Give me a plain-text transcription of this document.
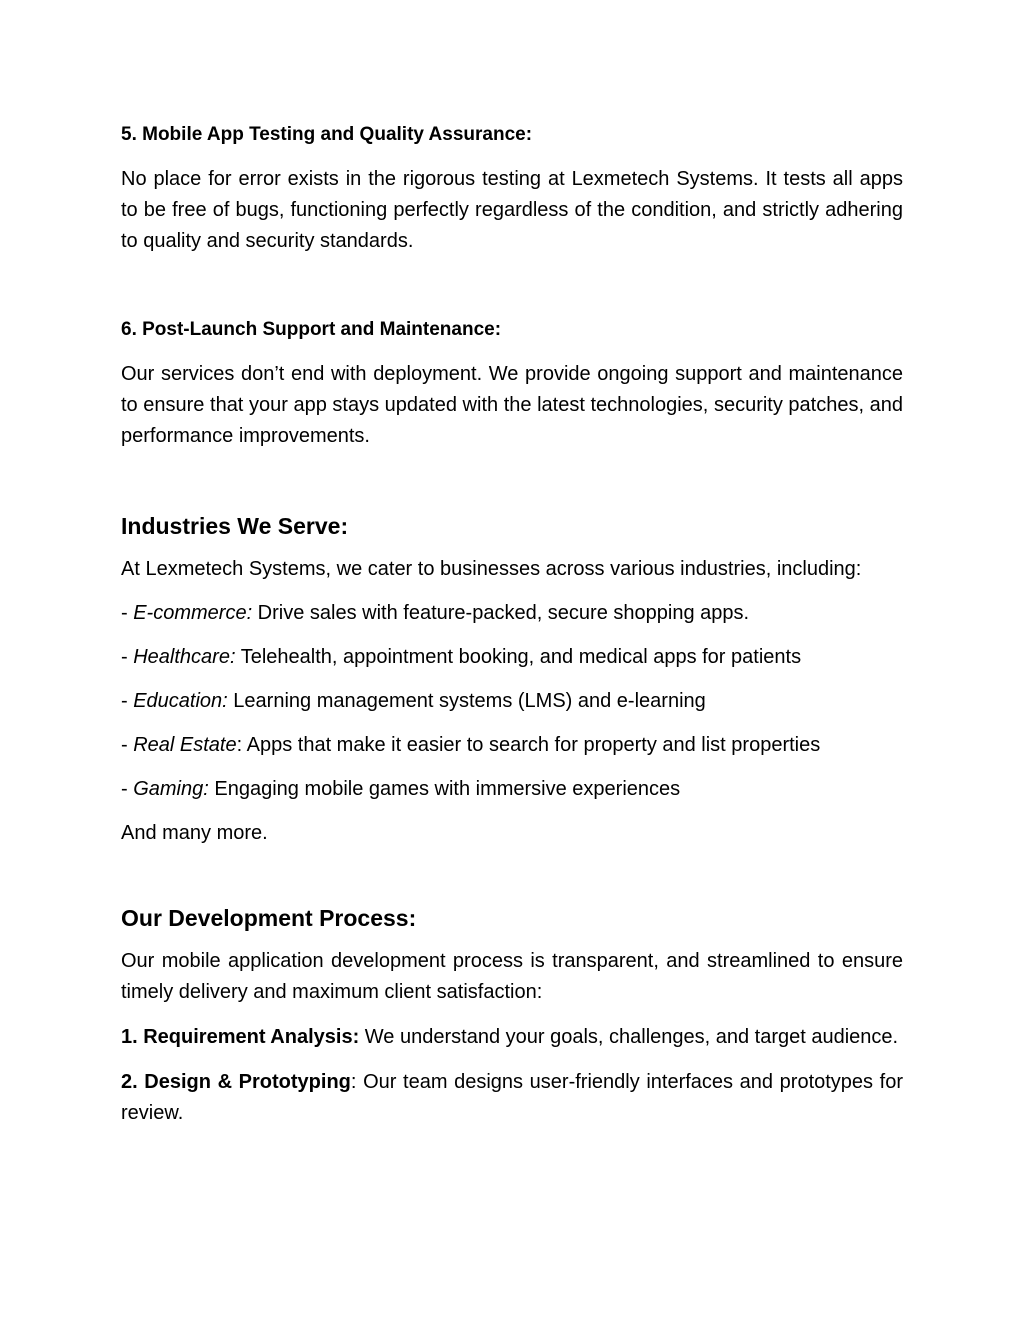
5. Mobile App Testing and Quality Assurance:
No place for error exists in the rigorous testing at Lexmetech Systems. It tests all apps to be free of bugs, functioning perfectly regardless of the condition, and strictly adhering to quality and security standards.
6. Post-Launch Support and Maintenance:
Our services don’t end with deployment. We provide ongoing support and maintenance to ensure that your app stays updated with the latest technologies, security patches, and performance improvements.
Industries We Serve:
At Lexmetech Systems, we cater to businesses across various industries, including:
- E-commerce: Drive sales with feature-packed, secure shopping apps.
- Healthcare: Telehealth, appointment booking, and medical apps for patients
- Education: Learning management systems (LMS) and e-learning
- Real Estate: Apps that make it easier to search for property and list properties
- Gaming: Engaging mobile games with immersive experiences
And many more.
Our Development Process:
Our mobile application development process is transparent, and streamlined to ensure timely delivery and maximum client satisfaction:
1. Requirement Analysis: We understand your goals, challenges, and target audience.
2. Design & Prototyping: Our team designs user-friendly interfaces and prototypes for review.
